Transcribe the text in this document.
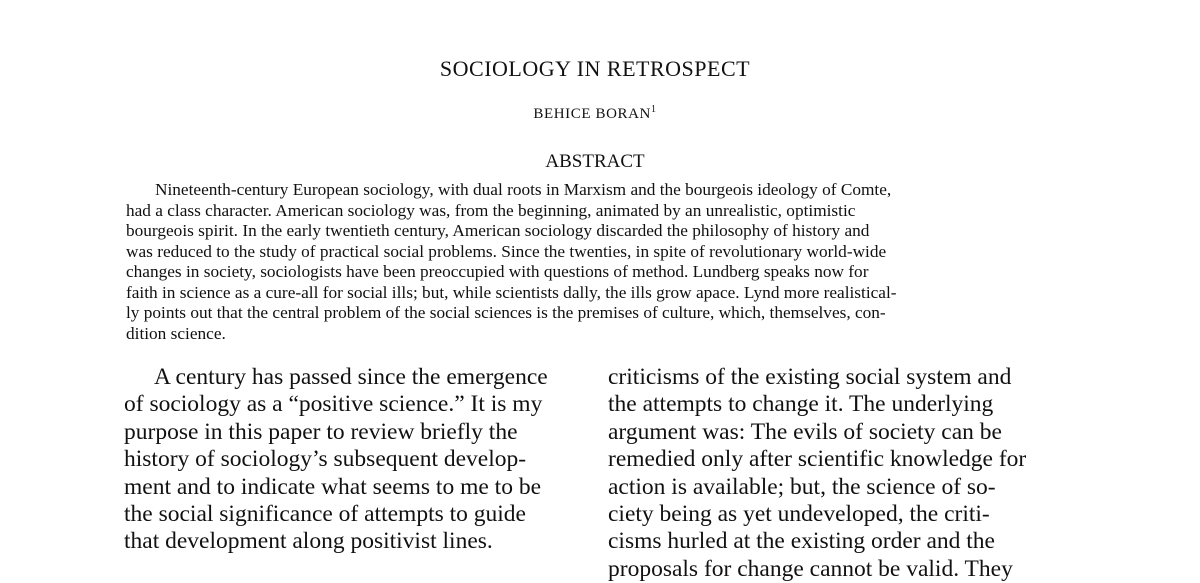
SOCIOLOGY IN RETROSPECT
BEHICE BORAN$^1$
ABSTRACT
Nineteenth-century European sociology, with dual roots in Marxism and the bourgeois ideology of Comte,
had a class character. American sociology was, from the beginning, animated by an unrealistic, optimistic
bourgeois spirit. In the early twentieth century, American sociology discarded the philosophy of history and
was reduced to the study of practical social problems. Since the twenties, in spite of revolutionary world-wide
changes in society, sociologists have been preoccupied with questions of method. Lundberg speaks now for
faith in science as a cure-all for social ills; but, while scientists dally, the ills grow apace. Lynd more realistical-
ly points out that the central problem of the social sciences is the premises of culture, which, themselves, con-
dition science.
A century has passed since the emergence
of sociology as a “positive science.” It is my
purpose in this paper to review briefly the
history of sociology’s subsequent develop-
ment and to indicate what seems to me to be
the social significance of attempts to guide
that development along positivist lines.
criticisms of the existing social system and
the attempts to change it. The underlying
argument was: The evils of society can be
remedied only after scientific knowledge for
action is available; but, the science of so-
ciety being as yet undeveloped, the criti-
cisms hurled at the existing order and the
proposals for change cannot be valid. They
